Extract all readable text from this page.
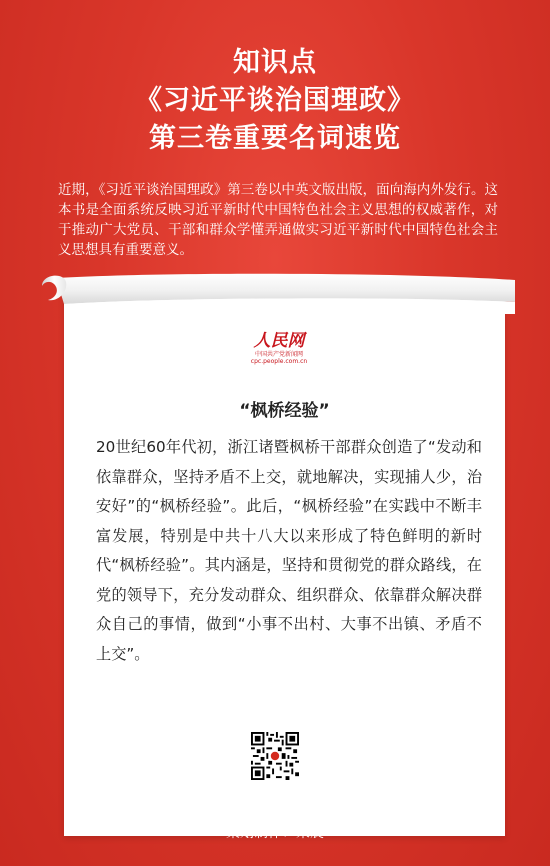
知识点
《习近平谈治国理政》
第三卷重要名词速览

近期，《习近平谈治国理政》第三卷以中英文版出版，面向海内外发行。这本书是全面系统反映习近平新时代中国特色社会主义思想的权威著作，对于推动广大党员、干部和群众学懂弄通做实习近平新时代中国特色社会主义思想具有重要意义。

人民网
中国共产党新闻网
cpc.people.com.cn
“枫桥经验”

20世纪60年代初，浙江诸暨枫桥干部群众创造了“发动和依靠群众，坚持矛盾不上交，就地解决，实现捕人少，治安好”的“枫桥经验”。此后，“枫桥经验”在实践中不断丰富发展，特别是中共十八大以来形成了特色鲜明的新时代“枫桥经验”。其内涵是，坚持和贯彻党的群众路线，在党的领导下，充分发动群众、组织群众、依靠群众解决群众自己的事情，做到“小事不出村、大事不出镇、矛盾不上交”。

策划制作：宋晨
